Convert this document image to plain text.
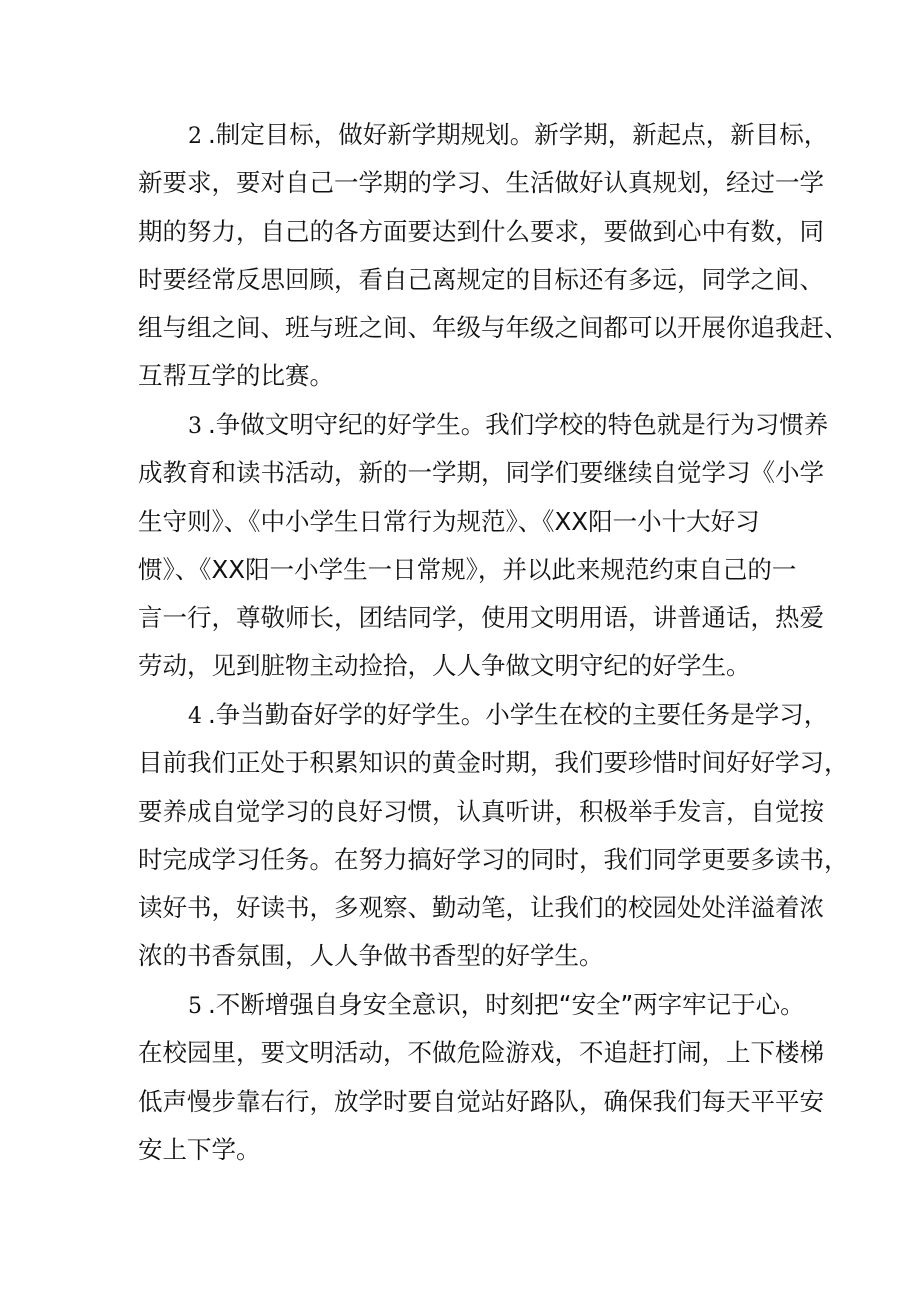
2 .制定目标，做好新学期规划。新学期，新起点，新目标，
新要求，要对自己一学期的学习、生活做好认真规划，经过一学
期的努力，自己的各方面要达到什么要求，要做到心中有数，同
时要经常反思回顾，看自己离规定的目标还有多远，同学之间、
组与组之间、班与班之间、年级与年级之间都可以开展你追我赶、
互帮互学的比赛。
3 .争做文明守纪的好学生。我们学校的特色就是行为习惯养
成教育和读书活动，新的一学期，同学们要继续自觉学习《小学
生守则》、《中小学生日常行为规范》、《XX阳一小十大好习
惯》、《XX阳一小学生一日常规》，并以此来规范约束自己的一
言一行，尊敬师长，团结同学，使用文明用语，讲普通话，热爱
劳动，见到脏物主动捡拾，人人争做文明守纪的好学生。
4 .争当勤奋好学的好学生。小学生在校的主要任务是学习，
目前我们正处于积累知识的黄金时期，我们要珍惜时间好好学习，
要养成自觉学习的良好习惯，认真听讲，积极举手发言，自觉按
时完成学习任务。在努力搞好学习的同时，我们同学更要多读书，
读好书，好读书，多观察、勤动笔，让我们的校园处处洋溢着浓
浓的书香氛围，人人争做书香型的好学生。
5 .不断增强自身安全意识，时刻把“安全”两字牢记于心。
在校园里，要文明活动，不做危险游戏，不追赶打闹，上下楼梯
低声慢步靠右行，放学时要自觉站好路队，确保我们每天平平安
安上下学。
